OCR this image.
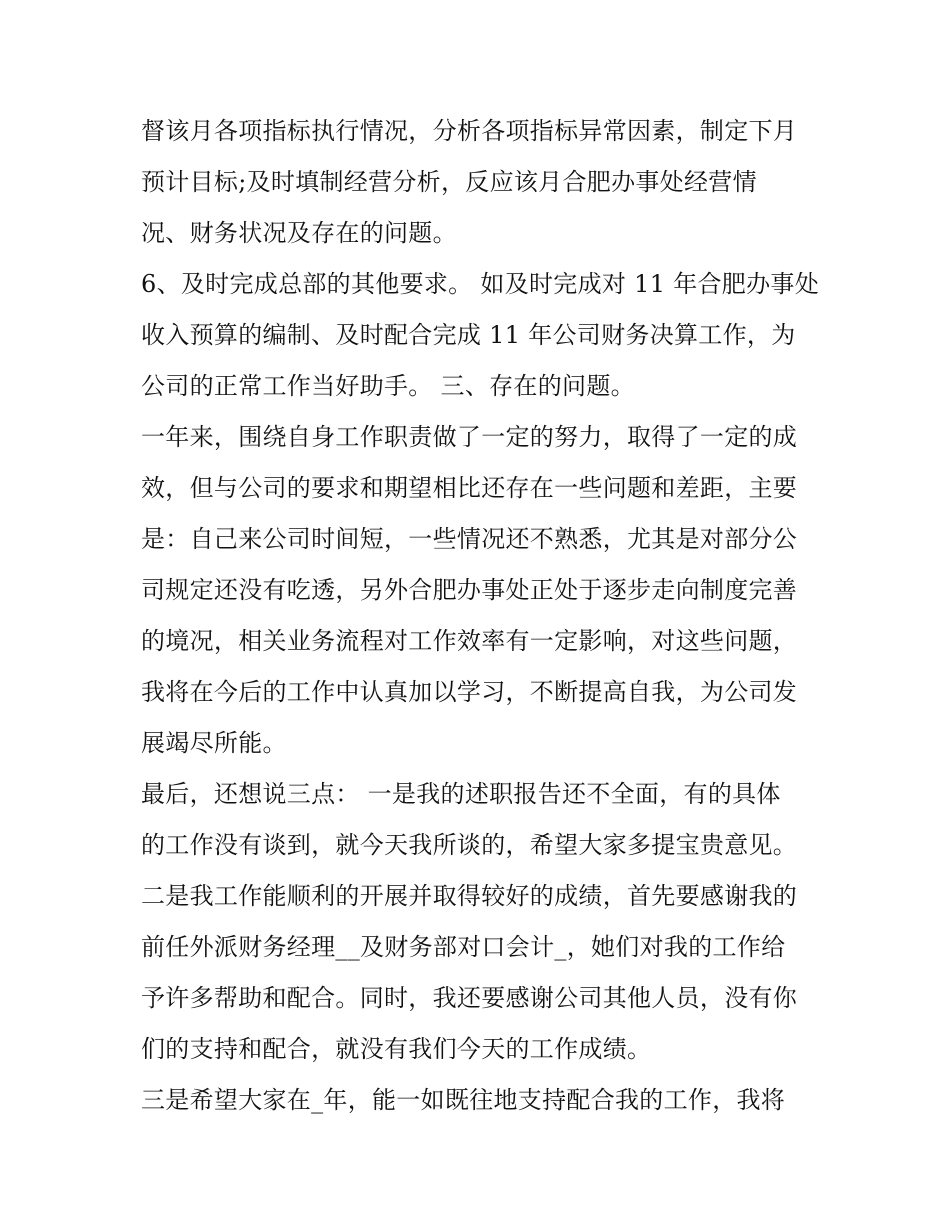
督该月各项指标执行情况，分析各项指标异常因素，制定下月
预计目标;及时填制经营分析，反应该月合肥办事处经营情
况、财务状况及存在的问题。
6、及时完成总部的其他要求。 如及时完成对 11 年合肥办事处
收入预算的编制、及时配合完成 11 年公司财务决算工作，为
公司的正常工作当好助手。 三、存在的问题。
一年来，围绕自身工作职责做了一定的努力，取得了一定的成
效，但与公司的要求和期望相比还存在一些问题和差距，主要
是：自己来公司时间短，一些情况还不熟悉，尤其是对部分公
司规定还没有吃透，另外合肥办事处正处于逐步走向制度完善
的境况，相关业务流程对工作效率有一定影响，对这些问题，
我将在今后的工作中认真加以学习，不断提高自我，为公司发
展竭尽所能。
最后，还想说三点： 一是我的述职报告还不全面，有的具体
的工作没有谈到，就今天我所谈的，希望大家多提宝贵意见。
二是我工作能顺利的开展并取得较好的成绩，首先要感谢我的
前任外派财务经理__及财务部对口会计_，她们对我的工作给
予许多帮助和配合。同时，我还要感谢公司其他人员，没有你
们的支持和配合，就没有我们今天的工作成绩。
三是希望大家在_年，能一如既往地支持配合我的工作，我将
